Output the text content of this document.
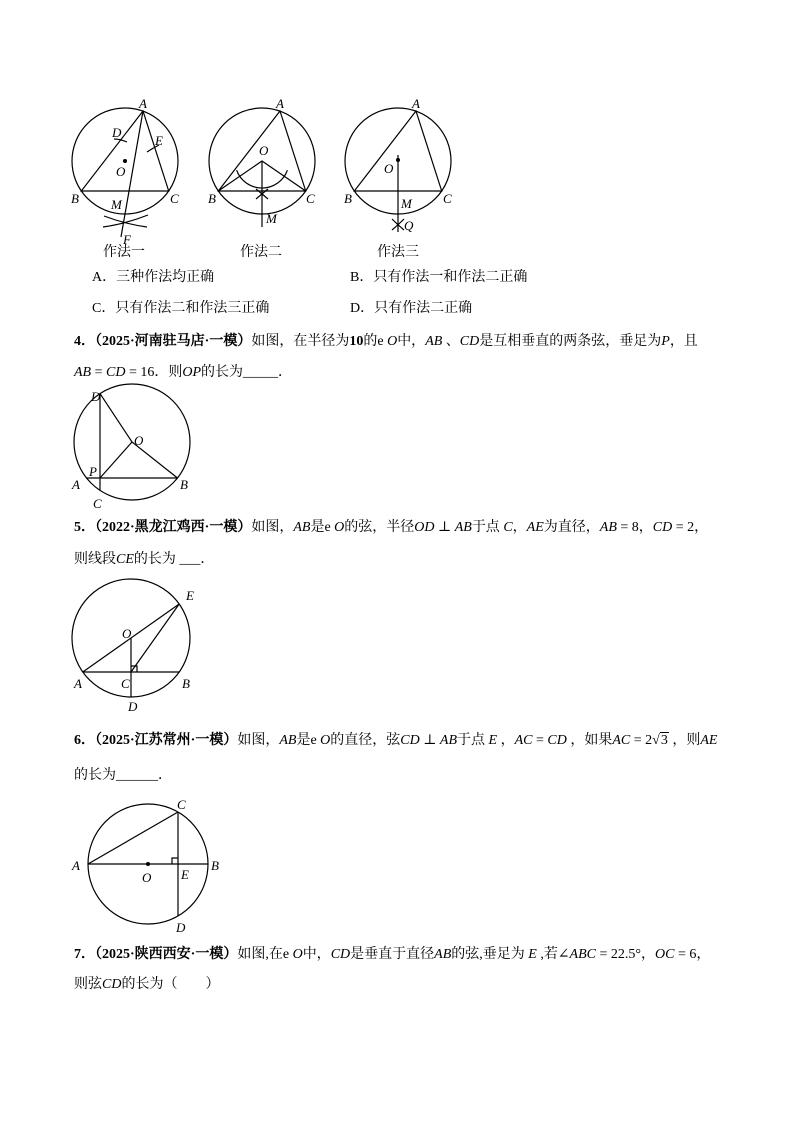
A
D
E
O
B	C
M
F
A
O
B	C
M
A
O
B	C
M
Q
D
O
P
A	B
C
E
O
A	C	B
D
C
A
O E
B
D
作法一	作法二	作法三
A．三种作法均正确	B．只有作法一和作法二正确
C．只有作法二和作法三正确	D．只有作法二正确
4．（2025·河南驻马店·一模）如图，在半径为10的e O中，AB 、CD是互相垂直的两条弦，垂足为P，且
AB = CD = 16．则OP的长为_____．
5．（2022·黑龙江鸡西·一模）如图，AB是e O的弦，半径OD ⊥ AB于点 C，AE为直径，AB = 8，CD = 2，
则线段CE的长为 ___．
6．（2025·江苏常州·一模）如图，AB是e O的直径，弦CD ⊥ AB于点 E ，AC = CD ，如果AC = 2√3 ，则AE
的长为______．
7．（2025·陕西西安·一模）如图,在e O中，CD是垂直于直径AB的弦,垂足为 E ,若∠ABC = 22.5°，OC = 6，
则弦CD的长为（　　）
